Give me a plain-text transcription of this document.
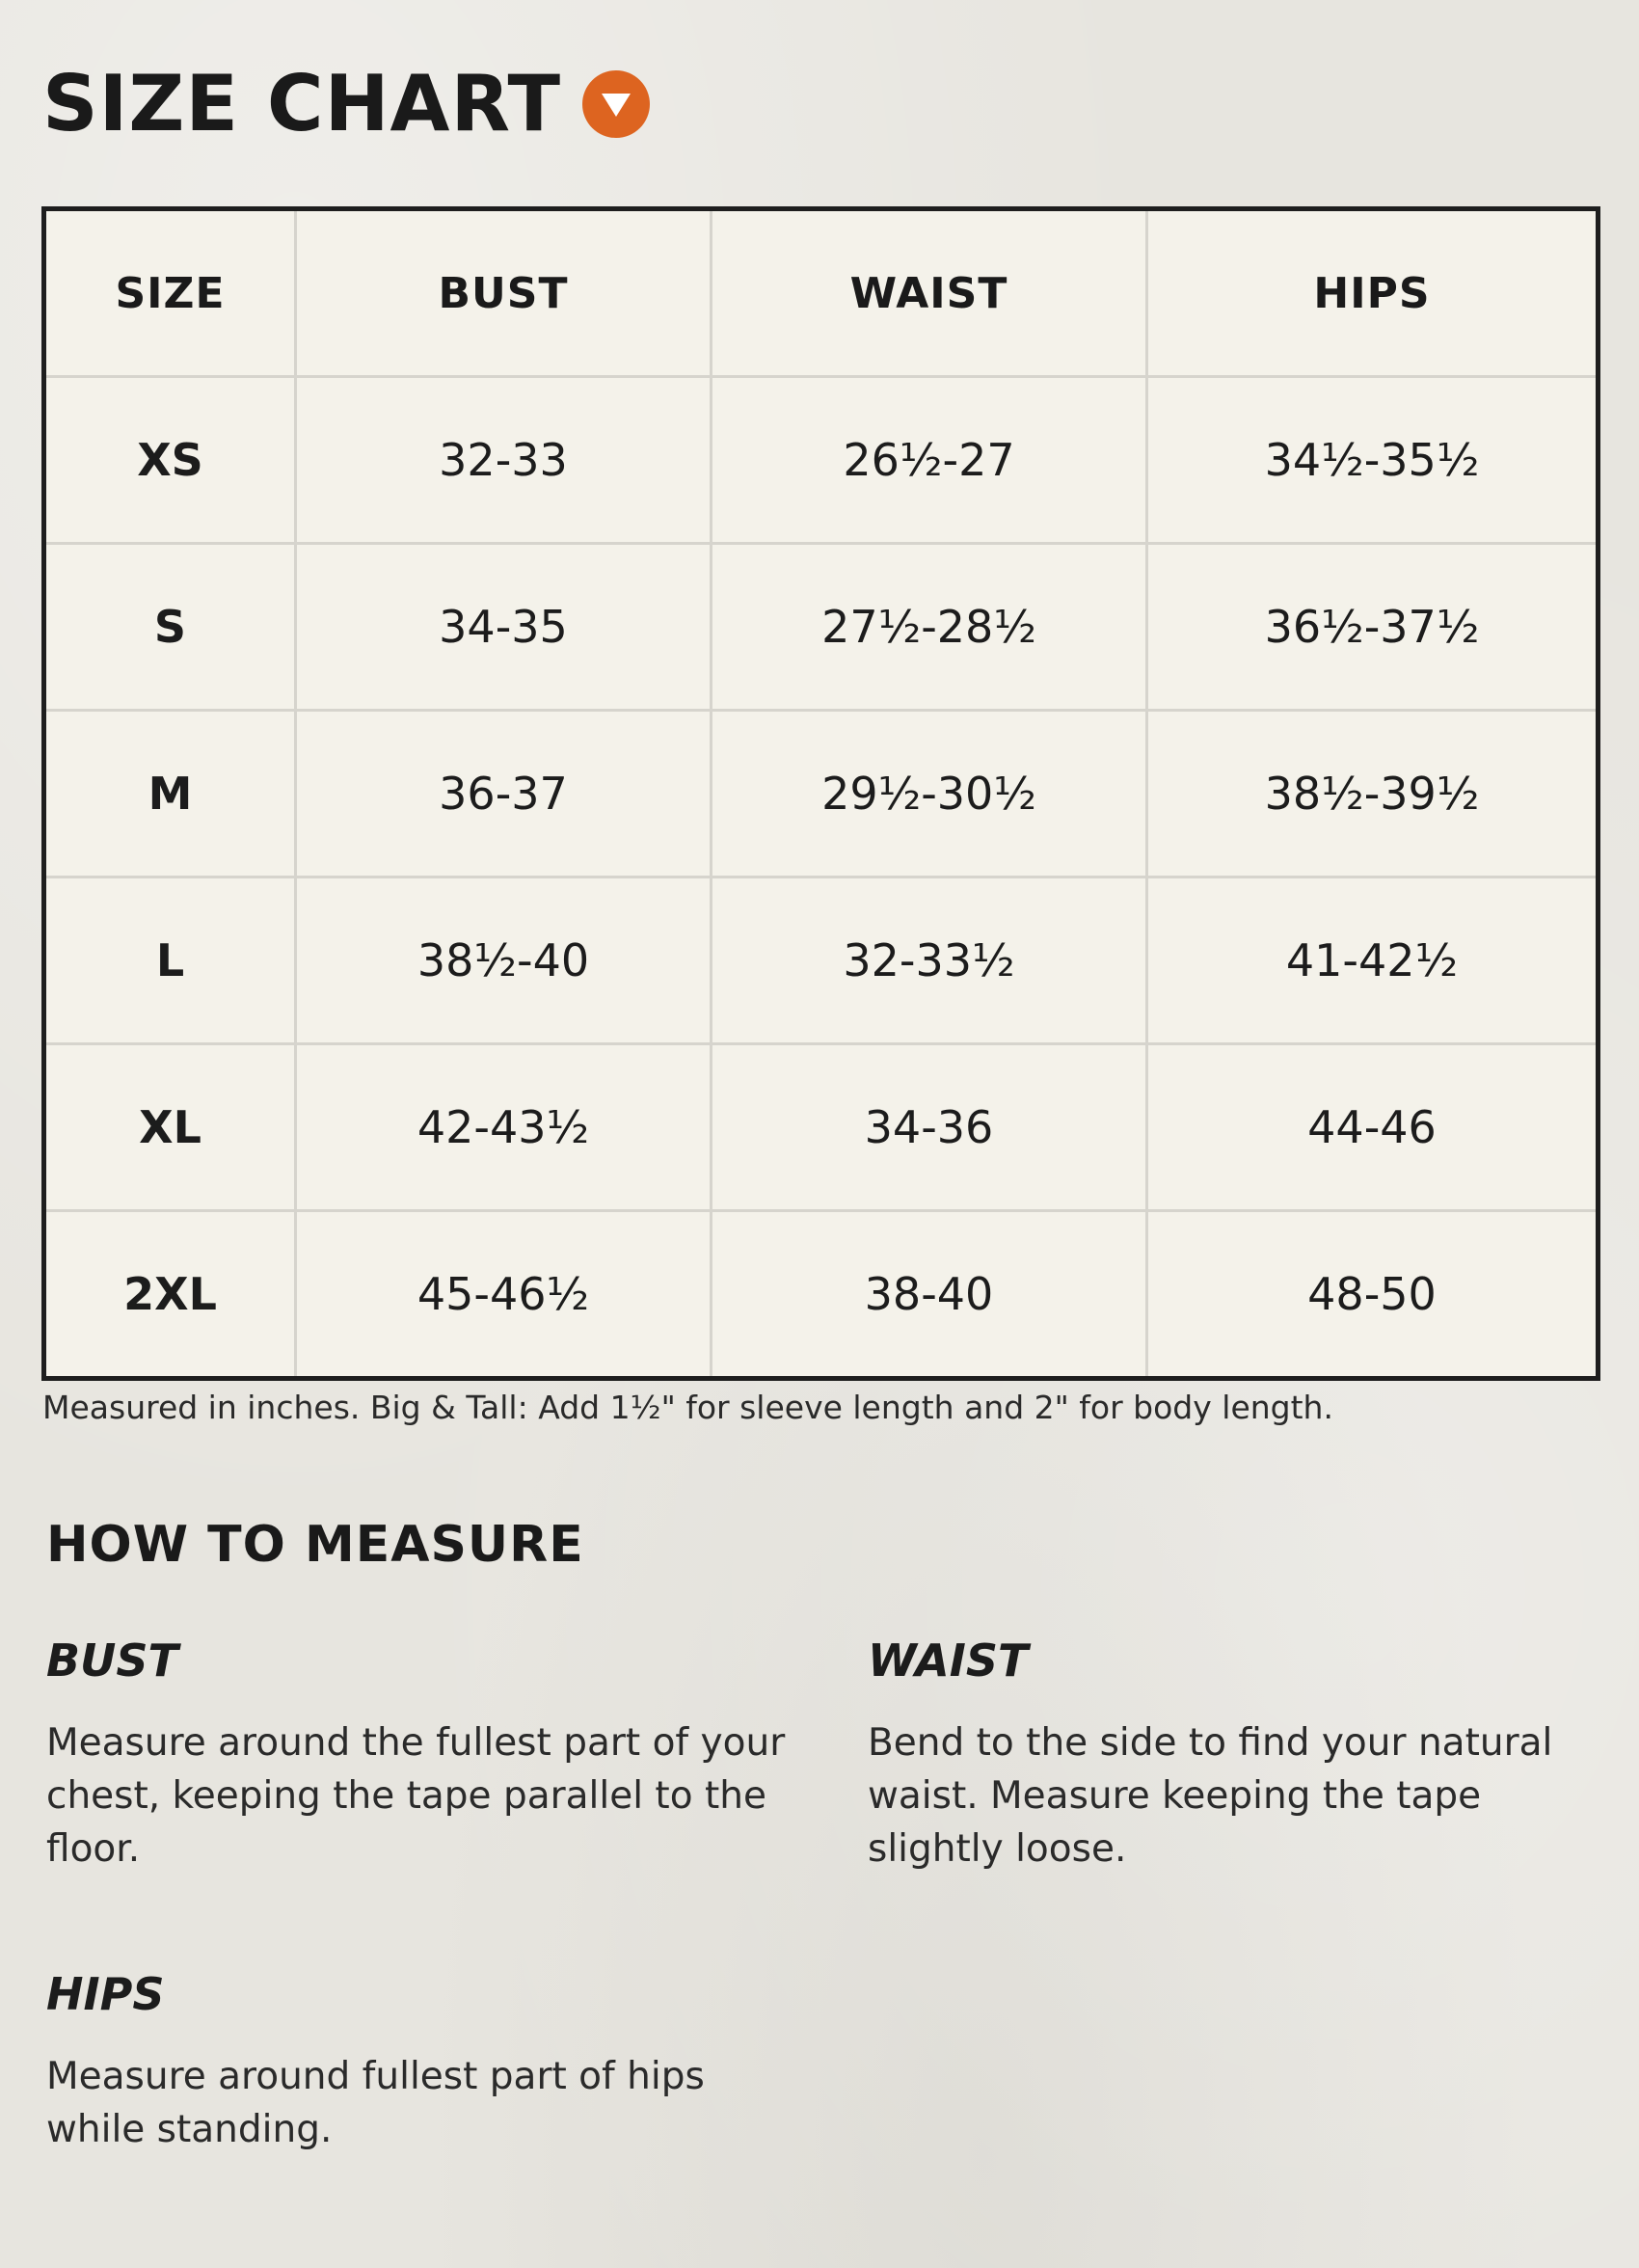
SIZE CHART
SIZE	BUST	WAIST	HIPS
XS	32-33	26½-27	34½-35½
S	34-35	27½-28½	36½-37½
M	36-37	29½-30½	38½-39½
L	38½-40	32-33½	41-42½
XL	42-43½	34-36	44-46
2XL	45-46½	38-40	48-50
Measured in inches. Big & Tall: Add 1½" for sleeve length and 2" for body length.
HOW TO MEASURE
BUST

Measure around the fullest part of your chest, keeping the tape parallel to the floor.

WAIST

Bend to the side to find your natural waist. Measure keeping the tape slightly loose.

HIPS

Measure around fullest part of hips while standing.
